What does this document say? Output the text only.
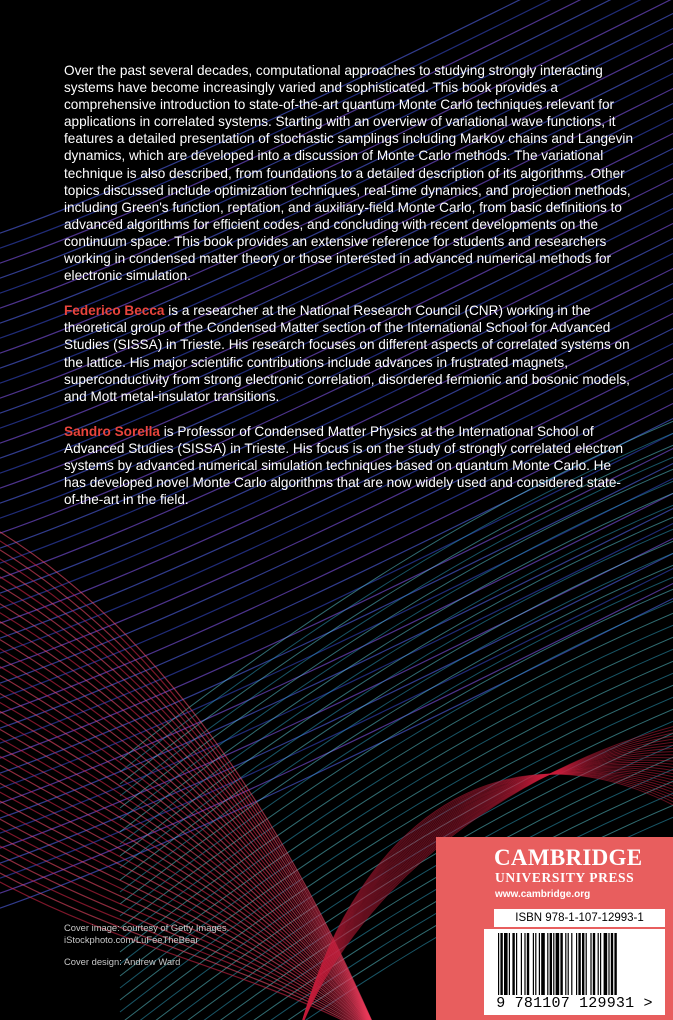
Over the past several decades, computational approaches to studying strongly interacting systems have become increasingly varied and sophisticated. This book provides a comprehensive introduction to state-of-the-art quantum Monte Carlo techniques relevant for applications in correlated systems. Starting with an overview of variational wave functions, it features a detailed presentation of stochastic samplings including Markov chains and Langevin dynamics, which are developed into a discussion of Monte Carlo methods. The variational technique is also described, from foundations to a detailed description of its algorithms. Other topics discussed include optimization techniques, real-time dynamics, and projection methods, including Green's function, reptation, and auxiliary-field Monte Carlo, from basic definitions to advanced algorithms for efficient codes, and concluding with recent developments on the continuum space. This book provides an extensive reference for students and researchers working in condensed matter theory or those interested in advanced numerical methods for electronic simulation.

Federico Becca is a researcher at the National Research Council (CNR) working in the theoretical group of the Condensed Matter section of the International School for Advanced Studies (SISSA) in Trieste. His research focuses on different aspects of correlated systems on the lattice. His major scientific contributions include advances in frustrated magnets, superconductivity from strong electronic correlation, disordered fermionic and bosonic models, and Mott metal-insulator transitions.

Sandro Sorella is Professor of Condensed Matter Physics at the International School of Advanced Studies (SISSA) in Trieste. His focus is on the study of strongly correlated electron systems by advanced numerical simulation techniques based on quantum Monte Carlo. He has developed novel Monte Carlo algorithms that are now widely used and considered state-of-the-art in the field.

Cover image: courtesy of Getty Images.
iStockphoto.com/LuFeeTheBear
Cover design: Andrew Ward
CAMBRIDGE
UNIVERSITY PRESS
www.cambridge.org
ISBN 978-1-107-12993-1
9 781107 129931 >
